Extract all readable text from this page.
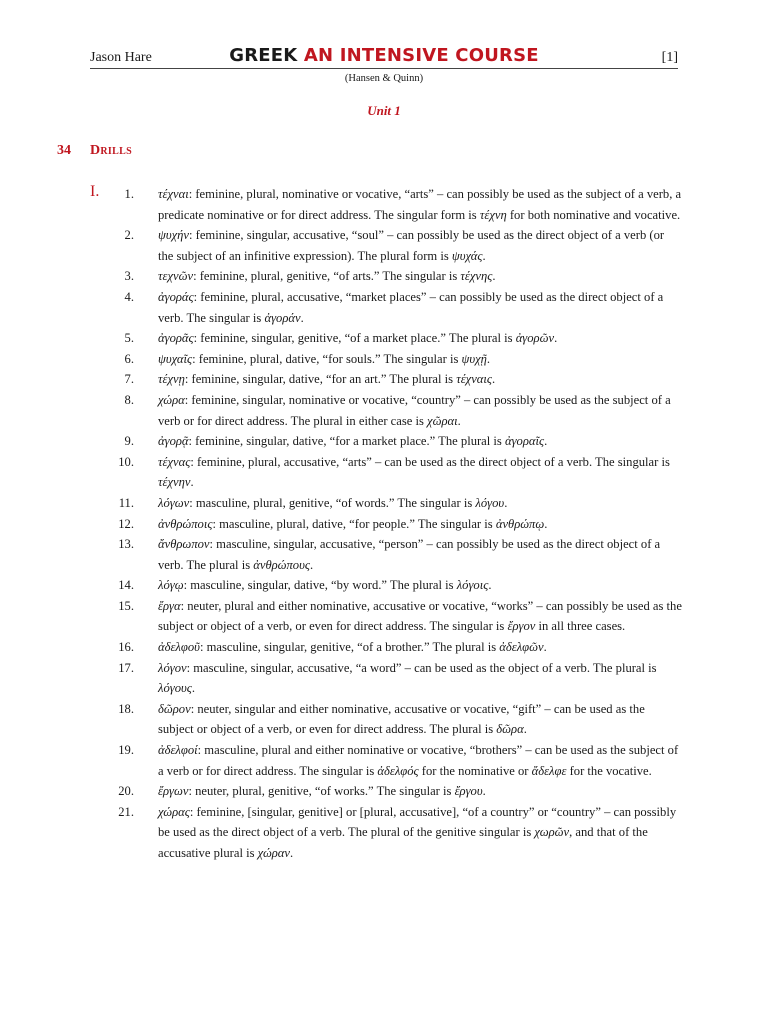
Jason Hare	GREEK AN INTENSIVE COURSE	[1]
(Hansen & Quinn)
Unit 1
34 Drills
I.	1. τέχναι: feminine, plural, nominative or vocative, “arts” – can possibly be used as the subject of a verb, a predicate nominative or for direct address. The singular form is τέχνη for both nominative and vocative.
2. ψυχήν: feminine, singular, accusative, “soul” – can possibly be used as the direct object of a verb (or the subject of an infinitive expression). The plural form is ψυχάς.
3. τεχνῶν: feminine, plural, genitive, “of arts.” The singular is τέχνης.
4. ἀγοράς: feminine, plural, accusative, “market places” – can possibly be used as the direct object of a verb. The singular is ἀγοράν.
5. ἀγορᾶς: feminine, singular, genitive, “of a market place.” The plural is ἀγορῶν.
6. ψυχαῖς: feminine, plural, dative, “for souls.” The singular is ψυχῇ.
7. τέχνῃ: feminine, singular, dative, “for an art.” The plural is τέχναις.
8. χώρα: feminine, singular, nominative or vocative, “country” – can possibly be used as the subject of a verb or for direct address. The plural in either case is χῶραι.
9. ἀγορᾷ: feminine, singular, dative, “for a market place.” The plural is ἀγοραῖς.
10. τέχνας: feminine, plural, accusative, “arts” – can be used as the direct object of a verb. The singular is τέχνην.
11. λόγων: masculine, plural, genitive, “of words.” The singular is λόγου.
12. ἀνθρώποις: masculine, plural, dative, “for people.” The singular is ἀνθρώπῳ.
13. ἄνθρωπον: masculine, singular, accusative, “person” – can possibly be used as the direct object of a verb. The plural is ἀνθρώπους.
14. λόγῳ: masculine, singular, dative, “by word.” The plural is λόγοις.
15. ἔργα: neuter, plural and either nominative, accusative or vocative, “works” – can possibly be used as the subject or object of a verb, or even for direct address. The singular is ἔργον in all three cases.
16. ἀδελφοῦ: masculine, singular, genitive, “of a brother.” The plural is ἀδελφῶν.
17. λόγον: masculine, singular, accusative, “a word” – can be used as the object of a verb. The plural is λόγους.
18. δῶρον: neuter, singular and either nominative, accusative or vocative, “gift” – can be used as the subject or object of a verb, or even for direct address. The plural is δῶρα.
19. ἀδελφοί: masculine, plural and either nominative or vocative, “brothers” – can be used as the subject of a verb or for direct address. The singular is ἀδελφός for the nominative or ἄδελφε for the vocative.
20. ἔργων: neuter, plural, genitive, “of works.” The singular is ἔργου.
21. χώρας: feminine, [singular, genitive] or [plural, accusative], “of a country” or “country” – can possibly be used as the direct object of a verb. The plural of the genitive singular is χωρῶν, and that of the accusative plural is χώραν.
